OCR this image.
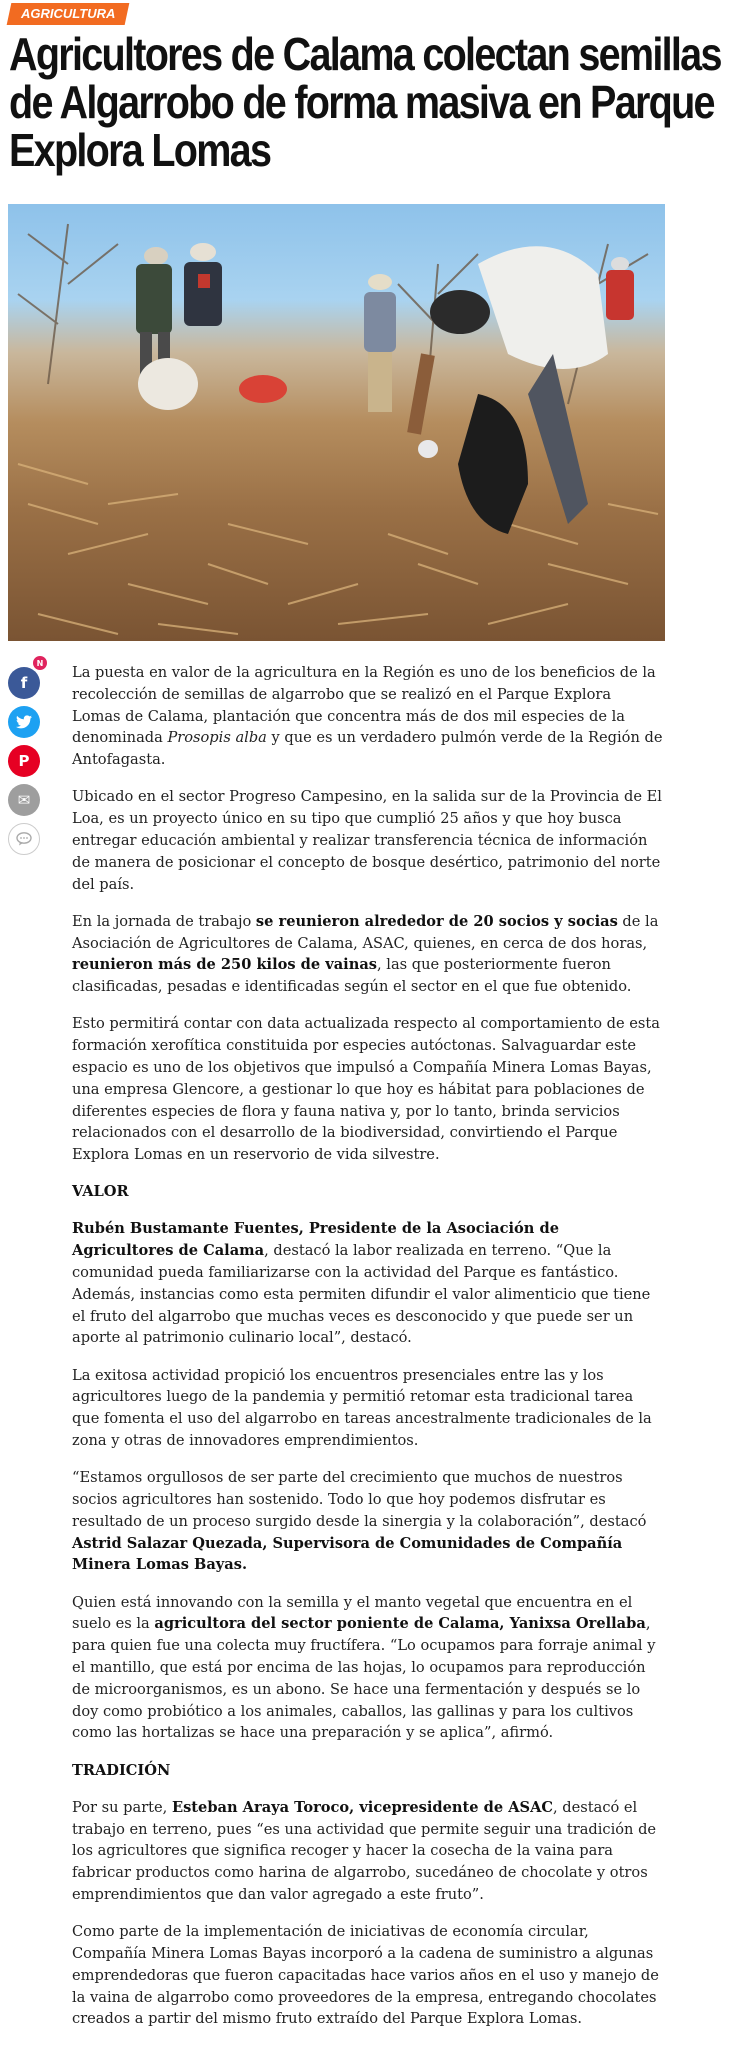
AGRICULTURA
Agricultores de Calama colectan semillas de Algarrobo de forma masiva en Parque Explora Lomas
f
N
P
✉

La puesta en valor de la agricultura en la Región es uno de los beneficios de la recolección de semillas de algarrobo que se realizó en el Parque Explora Lomas de Calama, plantación que concentra más de dos mil especies de la denominada Prosopis alba y que es un verdadero pulmón verde de la Región de Antofagasta.

Ubicado en el sector Progreso Campesino, en la salida sur de la Provincia de El Loa, es un proyecto único en su tipo que cumplió 25 años y que hoy busca entregar educación ambiental y realizar transferencia técnica de información de manera de posicionar el concepto de bosque desértico, patrimonio del norte del país.

En la jornada de trabajo se reunieron alrededor de 20 socios y socias de la Asociación de Agricultores de Calama, ASAC, quienes, en cerca de dos horas, reunieron más de 250 kilos de vainas, las que posteriormente fueron clasificadas, pesadas e identificadas según el sector en el que fue obtenido.

Esto permitirá contar con data actualizada respecto al comportamiento de esta formación xerofítica constituida por especies autóctonas. Salvaguardar este espacio es uno de los objetivos que impulsó a Compañía Minera Lomas Bayas, una empresa Glencore, a gestionar lo que hoy es hábitat para poblaciones de diferentes especies de flora y fauna nativa y, por lo tanto, brinda servicios relacionados con el desarrollo de la biodiversidad, convirtiendo el Parque Explora Lomas en un reservorio de vida silvestre.

VALOR

Rubén Bustamante Fuentes, Presidente de la Asociación de Agricultores de Calama, destacó la labor realizada en terreno. “Que la comunidad pueda familiarizarse con la actividad del Parque es fantástico. Además, instancias como esta permiten difundir el valor alimenticio que tiene el fruto del algarrobo que muchas veces es desconocido y que puede ser un aporte al patrimonio culinario local”, destacó.

La exitosa actividad propició los encuentros presenciales entre las y los agricultores luego de la pandemia y permitió retomar esta tradicional tarea que fomenta el uso del algarrobo en tareas ancestralmente tradicionales de la zona y otras de innovadores emprendimientos.

“Estamos orgullosos de ser parte del crecimiento que muchos de nuestros socios agricultores han sostenido. Todo lo que hoy podemos disfrutar es resultado de un proceso surgido desde la sinergia y la colaboración”, destacó Astrid Salazar Quezada, Supervisora de Comunidades de Compañía Minera Lomas Bayas.

Quien está innovando con la semilla y el manto vegetal que encuentra en el suelo es la agricultora del sector poniente de Calama, Yanixsa Orellaba, para quien fue una colecta muy fructífera. “Lo ocupamos para forraje animal y el mantillo, que está por encima de las hojas, lo ocupamos para reproducción de microorganismos, es un abono. Se hace una fermentación y después se lo doy como probiótico a los animales, caballos, las gallinas y para los cultivos como las hortalizas se hace una preparación y se aplica”, afirmó.

TRADICIÓN

Por su parte, Esteban Araya Toroco, vicepresidente de ASAC, destacó el trabajo en terreno, pues “es una actividad que permite seguir una tradición de los agricultores que significa recoger y hacer la cosecha de la vaina para fabricar productos como harina de algarrobo, sucedáneo de chocolate y otros emprendimientos que dan valor agregado a este fruto”.

Como parte de la implementación de iniciativas de economía circular, Compañía Minera Lomas Bayas incorporó a la cadena de suministro a algunas emprendedoras que fueron capacitadas hace varios años en el uso y manejo de la vaina de algarrobo como proveedores de la empresa, entregando chocolates creados a partir del mismo fruto extraído del Parque Explora Lomas.
